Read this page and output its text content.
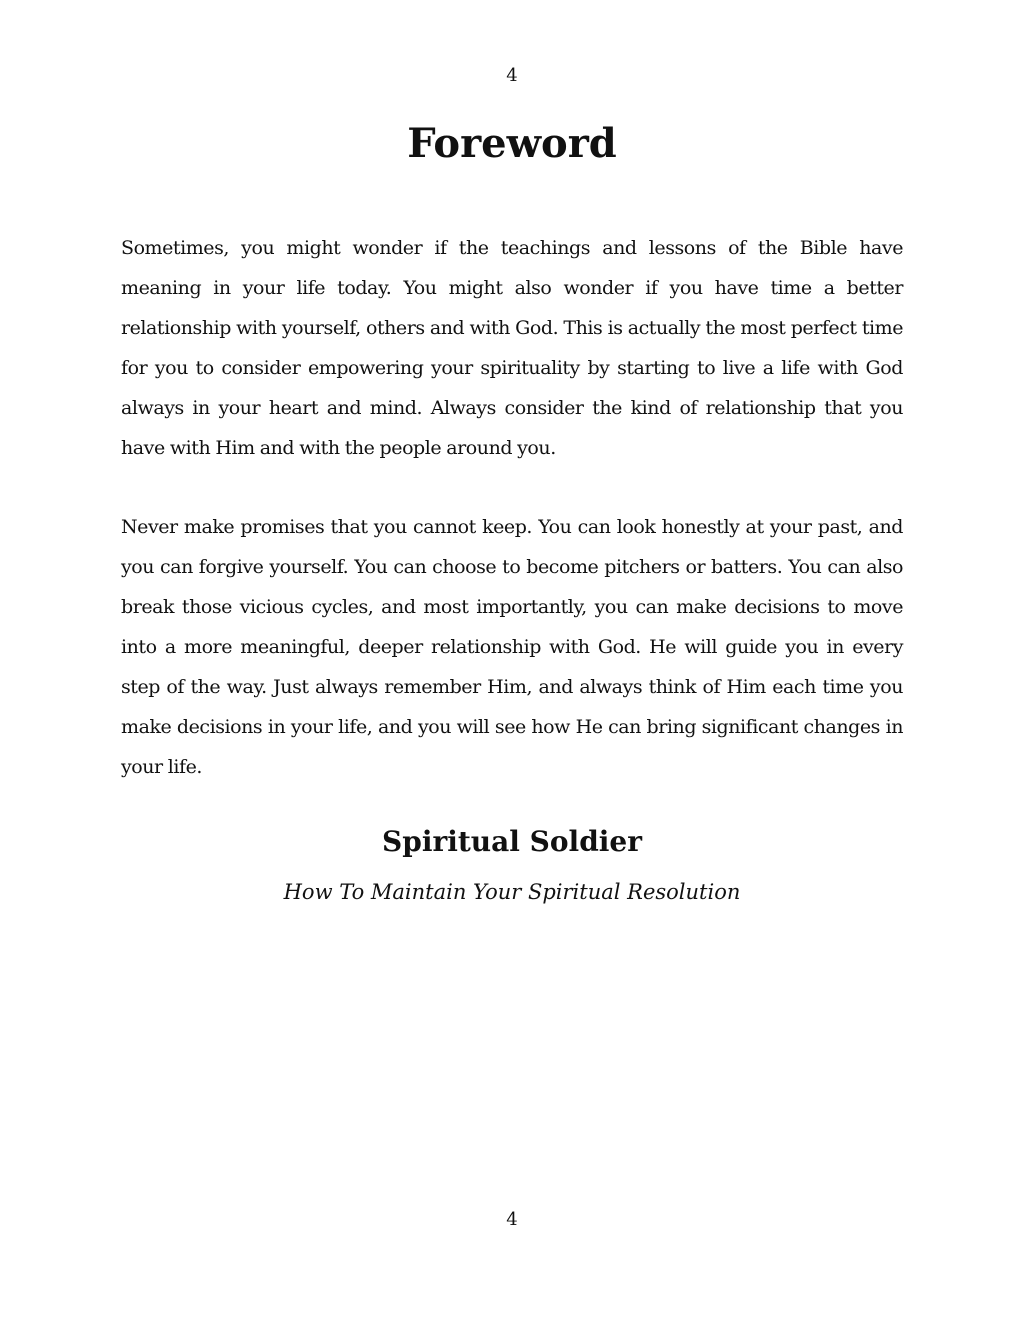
4
Foreword

Sometimes, you might wonder if the teachings and lessons of the Bible have meaning in your life today. You might also wonder if you have time a better relationship with yourself, others and with God. This is actually the most perfect time for you to consider empowering your spirituality by starting to live a life with God always in your heart and mind. Always consider the kind of relationship that you have with Him and with the people around you.

Never make promises that you cannot keep. You can look honestly at your past, and you can forgive yourself. You can choose to become pitchers or batters. You can also break those vicious cycles, and most importantly, you can make decisions to move into a more meaningful, deeper relationship with God. He will guide you in every step of the way. Just always remember Him, and always think of Him each time you make decisions in your life, and you will see how He can bring significant changes in your life.

Spiritual Soldier

How To Maintain Your Spiritual Resolution

4
